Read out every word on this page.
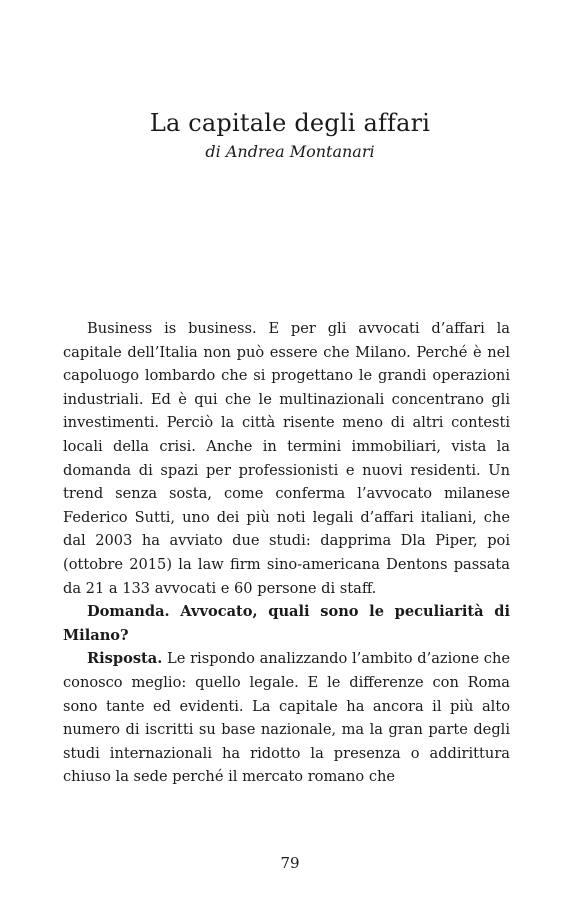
La capitale degli affari
di Andrea Montanari

Business is business. E per gli avvocati d’affari la capitale dell’Italia non può essere che Milano. Perché è nel capoluogo lombardo che si progettano le grandi operazioni industriali. Ed è qui che le multinazionali concentrano gli investimenti. Perciò la città risente meno di altri contesti locali della crisi. Anche in termini immobiliari, vista la domanda di spazi per professionisti e nuovi residenti. Un trend senza sosta, come conferma l’avvocato milanese Federico Sutti, uno dei più noti legali d’affari italiani, che dal 2003 ha avviato due studi: dapprima Dla Piper, poi (ottobre 2015) la law firm sino-americana Dentons passata da 21 a 133 avvocati e 60 persone di staff.

Domanda. Avvocato, quali sono le peculiarità di Milano?

Risposta. Le rispondo analizzando l’ambito d’azione che conosco meglio: quello legale. E le differenze con Roma sono tante ed evidenti. La capitale ha ancora il più alto numero di iscritti su base nazionale, ma la gran parte degli studi internazionali ha ridotto la presenza o addirittura chiuso la sede perché il mercato romano che

79
